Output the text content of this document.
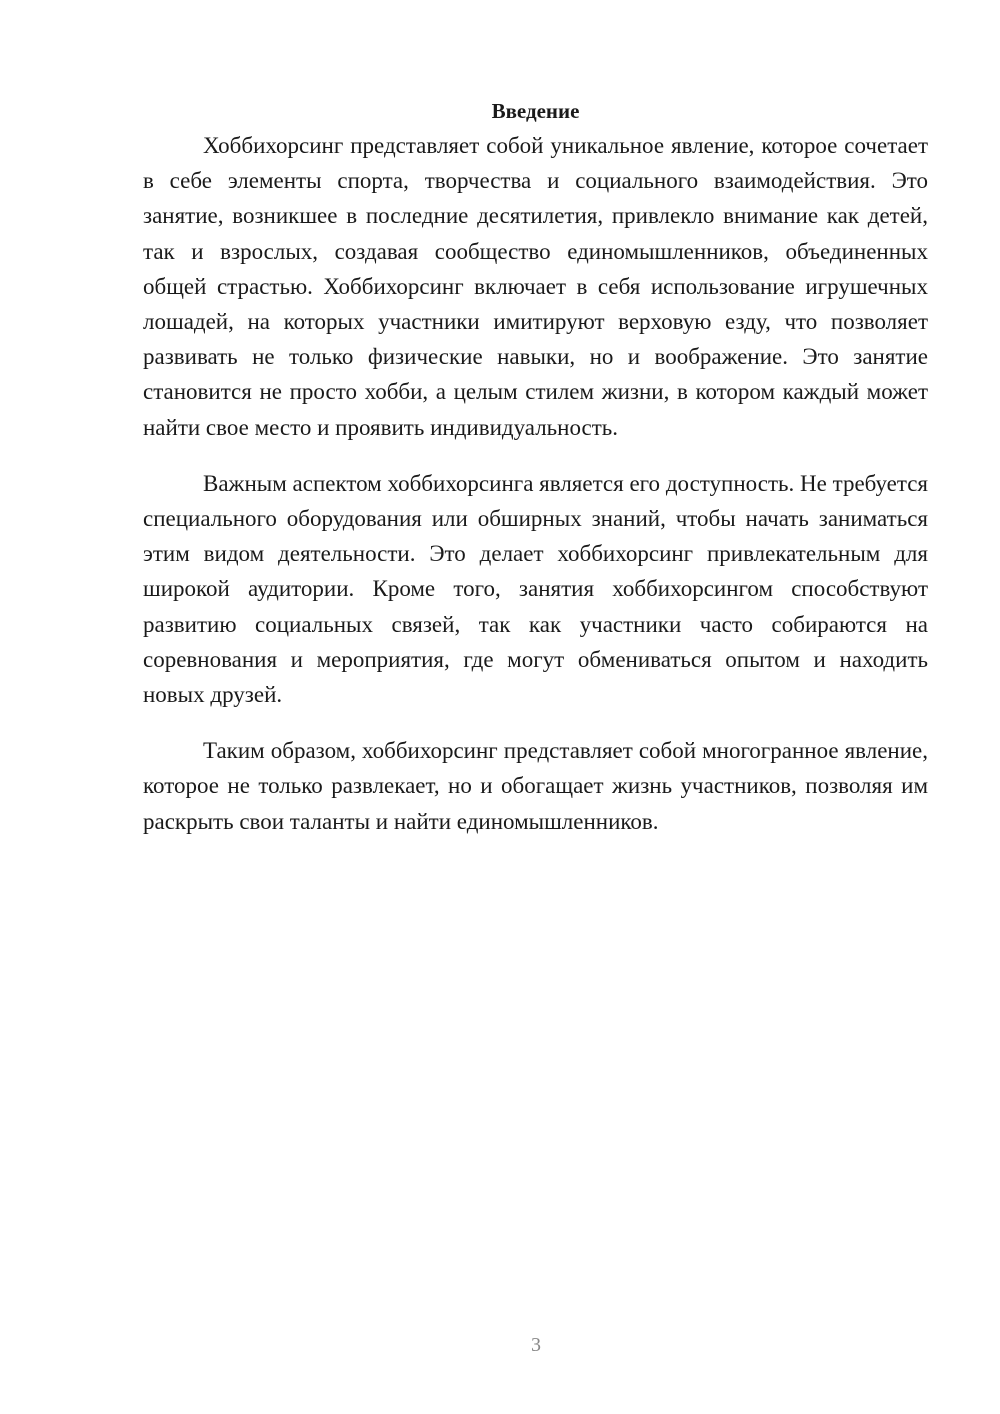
Введение

Хоббихорсинг представляет собой уникальное явление, которое сочетает в себе элементы спорта, творчества и социального взаимодействия. Это занятие, возникшее в последние десятилетия, привлекло внимание как детей, так и взрослых, создавая сообщество единомышленников, объединенных общей страстью. Хоббихорсинг включает в себя использование игрушечных лошадей, на которых участники имитируют верховую езду, что позволяет развивать не только физические навыки, но и воображение. Это занятие становится не просто хобби, а целым стилем жизни, в котором каждый может найти свое место и проявить индивидуальность.

Важным аспектом хоббихорсинга является его доступность. Не требуется специального оборудования или обширных знаний, чтобы начать заниматься этим видом деятельности. Это делает хоббихорсинг привлекательным для широкой аудитории. Кроме того, занятия хоббихорсингом способствуют развитию социальных связей, так как участники часто собираются на соревнования и мероприятия, где могут обмениваться опытом и находить новых друзей.

Таким образом, хоббихорсинг представляет собой многогранное явление, которое не только развлекает, но и обогащает жизнь участников, позволяя им раскрыть свои таланты и найти единомышленников.

3
